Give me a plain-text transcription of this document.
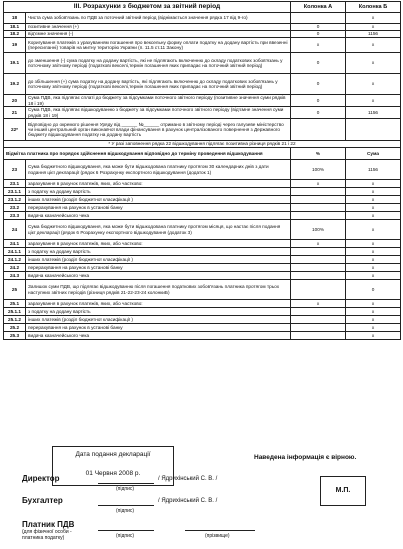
III. Розрахунки з бюджетом за звітний період		Колонка А	Колонка Б
18	Чиста сума зобов'язань по ПДВ за поточний звітний період (віднімається значення рядка 17 від 9-го)		х
18.1	позитивне значення (+)	0	х
18.2	від'ємне значення (-)	0	1156
19	Коригування платежів з урахуванням погашення про вексельну форму оплати податку на додану вартість при ввезенні (пересиланні) товарів на митну територію України (п. 11.5 ст.11 Закону)	х	х
19.1	до зменшення (-) сума податку на додану вартість, які не підлягають включенню до складу податкових зобов'язань у поточному звітному періоді (податкові векселі,термін погашення яких припадає на поточний звітний період)	0	х
19.2	до збільшення (+) сума податку на додану вартість, які підлягають включенню до складу податкових зобов'язань у поточному звітному періоді (податкові векселі,термін погашення яких припадає на поточний звітний період)	0	х
20	Сума ПДВ, яка підлягає сплаті до бюджету за підсумками поточного звітного періоду (позитивне значення суми рядків 18 і 19)	0	х
21	Сума ПДВ, яка підлягає відшкодуванню з бюджету за підсумками поточного звітного періоду (від'ємне значення суми рядків 18 і 19)	0	1156
22*	Відповідно до окремого рішення Уряду від ______ №______ отримано в звітному періоді через галузеве міністерство чи інший центральний орган виконавчої влади фінансування в рахунок централізованого повернення з Державного бюджету відшкодування податку на додану вартість		
* У разі заповнення рядка 22 відшкодування підлягає позитивна різниця рядків 21 і 22			
Відмітка платника про порядок здійснення відшкодування відповідно до терміну проведення відшкодування		%	Сума
23	Сума бюджетного відшкодування, яка може бути відшкодована платнику протягом 30 календарних днів з дати подання цієї декларації (рядок 6 Розрахунку експортного відшкодування (додаток 1)	100%	1156
23.1	зарахування в рахунок платежів, яких, або частково:	х	х
23.1.1	з податку на додану вартість		х
23.1.2	інших платежів (розділ бюджетної класифікації )		х
23.2	перерахування на рахунок в установі банку		х
23.3	видача казначейського чека		х
24	Сума бюджетного відшкодування, яка може бути відшкодована платнику протягом місяця, що настає після подання цієї декларації (рядок 6 Розрахунку експортного відшкодування (додаток 3)	100%	х
24.1	зарахування в рахунок платежів, яких, або частково:	х	х
24.1.1	з податку на додану вартість		х
24.1.2	інших платежів (розділ бюджетної класифікації )		х
24.2	перерахування на рахунок в установі банку		х
24.3	видача казначейського чека		х
25	Залишок суми ПДВ, що підлягає відшкодуванню після погашення податкових зобов'язань платника протягом трьох наступних звітних періодів (різниця рядків 21-22-23-24 колонкиБ)		0
25.1	зарахування в рахунок платежів, яких, або частково:	х	х
25.1.1	з податку на додану вартість		х
25.1.2	інших платежів (розділ бюджетної класифікації )		х
25.2	перерахування на рахунок в установі банку		х
25.3	видача казначейського чека		х
Дата подання декларації
01 Червня 2008 р.
Наведена інформація є вірною.
Директор
(підпис)
/ Ядрихінський С. В. /
Бухгалтер
(підпис)
/ Ядрихінський С. В. /
Платник ПДВ
(для фізичної особи - платника податку)	(підпис)	(прізвище)
М.П.
